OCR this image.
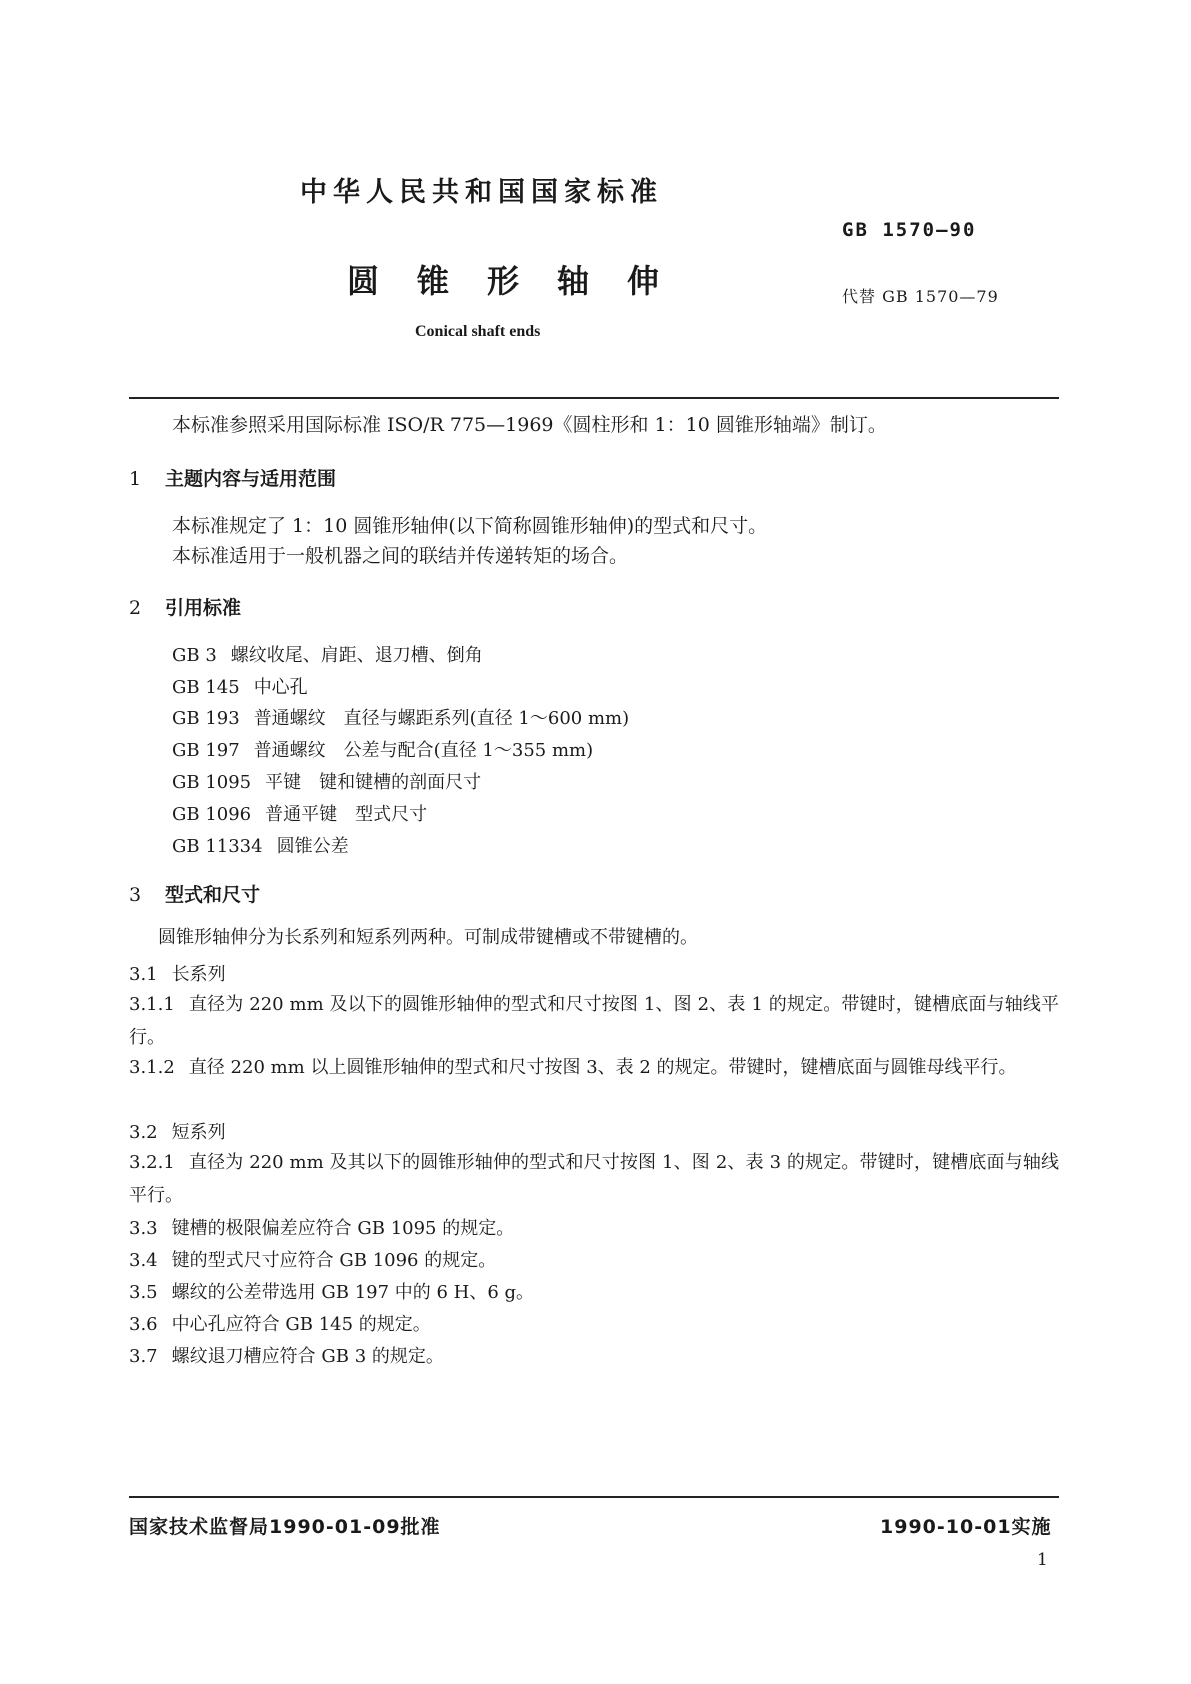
中华人民共和国国家标准
GB 1570—90
圆锥形轴伸	代替 GB 1570—79
Conical shaft ends

本标准参照采用国际标准 ISO/R 775—1969《圆柱形和 1：10 圆锥形轴端》制订。

1 主题内容与适用范围

本标准规定了 1：10 圆锥形轴伸(以下简称圆锥形轴伸)的型式和尺寸。

本标准适用于一般机器之间的联结并传递转矩的场合。

2 引用标准
GB 3 螺纹收尾、肩距、退刀槽、倒角
GB 145 中心孔
GB 193 普通螺纹　直径与螺距系列(直径 1～600 mm)
GB 197 普通螺纹　公差与配合(直径 1～355 mm)
GB 1095 平键　键和键槽的剖面尺寸
GB 1096 普通平键　型式尺寸
GB 11334 圆锥公差
3 型式和尺寸

圆锥形轴伸分为长系列和短系列两种。可制成带键槽或不带键槽的。

3.1 长系列
3.1.1 直径为 220 mm 及以下的圆锥形轴伸的型式和尺寸按图 1、图 2、表 1 的规定。带键时，键槽底面与轴线平行。
3.1.2 直径 220 mm 以上圆锥形轴伸的型式和尺寸按图 3、表 2 的规定。带键时，键槽底面与圆锥母线平行。
3.2 短系列
3.2.1 直径为 220 mm 及其以下的圆锥形轴伸的型式和尺寸按图 1、图 2、表 3 的规定。带键时，键槽底面与轴线平行。
3.3 键槽的极限偏差应符合 GB 1095 的规定。
3.4 键的型式尺寸应符合 GB 1096 的规定。
3.5 螺纹的公差带选用 GB 197 中的 6 H、6 g。
3.6 中心孔应符合 GB 145 的规定。
3.7 螺纹退刀槽应符合 GB 3 的规定。
国家技术监督局1990-01-09批准	1990-10-01实施
1
